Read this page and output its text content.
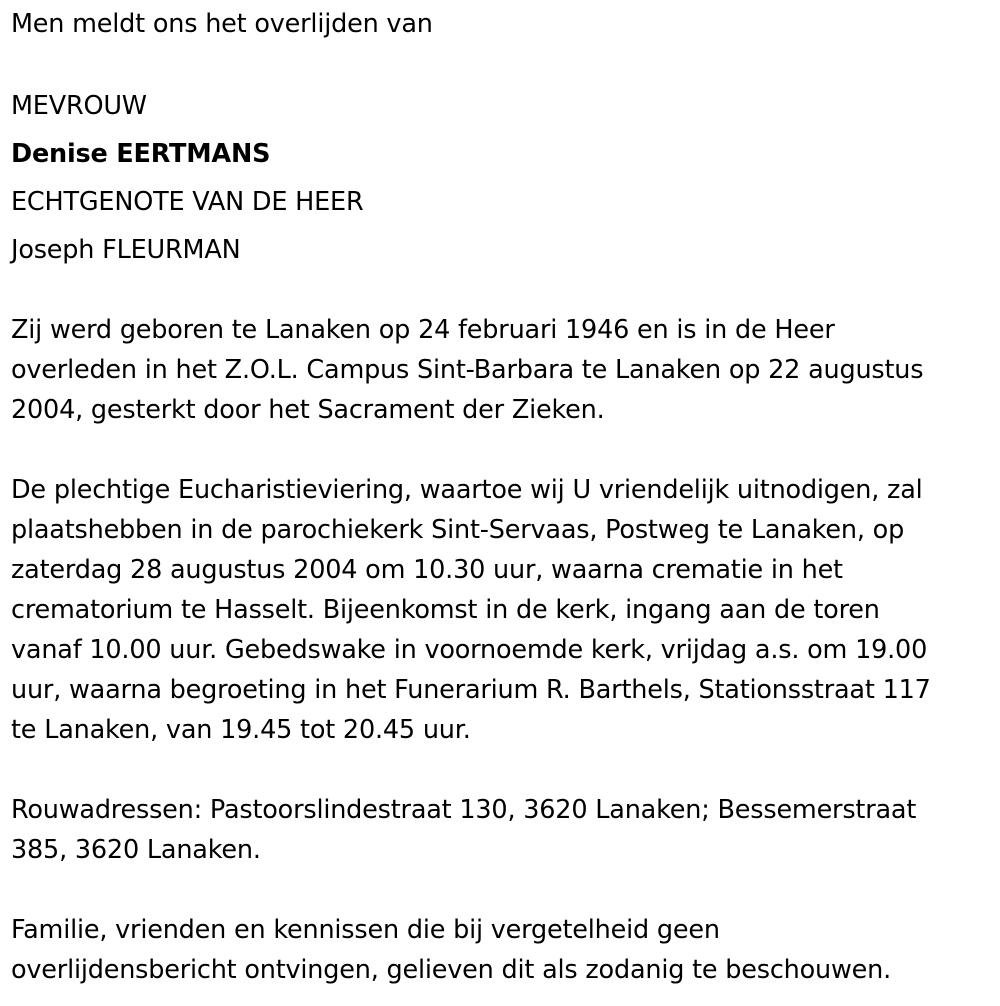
Men meldt ons het overlijden van
MEVROUW
Denise EERTMANS
ECHTGENOTE VAN DE HEER
Joseph FLEURMAN
Zij werd geboren te Lanaken op 24 februari 1946 en is in de Heer
overleden in het Z.O.L. Campus Sint-Barbara te Lanaken op 22 augustus
2004, gesterkt door het Sacrament der Zieken.
De plechtige Eucharistieviering, waartoe wij U vriendelijk uitnodigen, zal
plaatshebben in de parochiekerk Sint-Servaas, Postweg te Lanaken, op
zaterdag 28 augustus 2004 om 10.30 uur, waarna crematie in het
crematorium te Hasselt. Bijeenkomst in de kerk, ingang aan de toren
vanaf 10.00 uur. Gebedswake in voornoemde kerk, vrijdag a.s. om 19.00
uur, waarna begroeting in het Funerarium R. Barthels, Stationsstraat 117
te Lanaken, van 19.45 tot 20.45 uur.
Rouwadressen: Pastoorslindestraat 130, 3620 Lanaken; Bessemerstraat
385, 3620 Lanaken.
Familie, vrienden en kennissen die bij vergetelheid geen
overlijdensbericht ontvingen, gelieven dit als zodanig te beschouwen.
